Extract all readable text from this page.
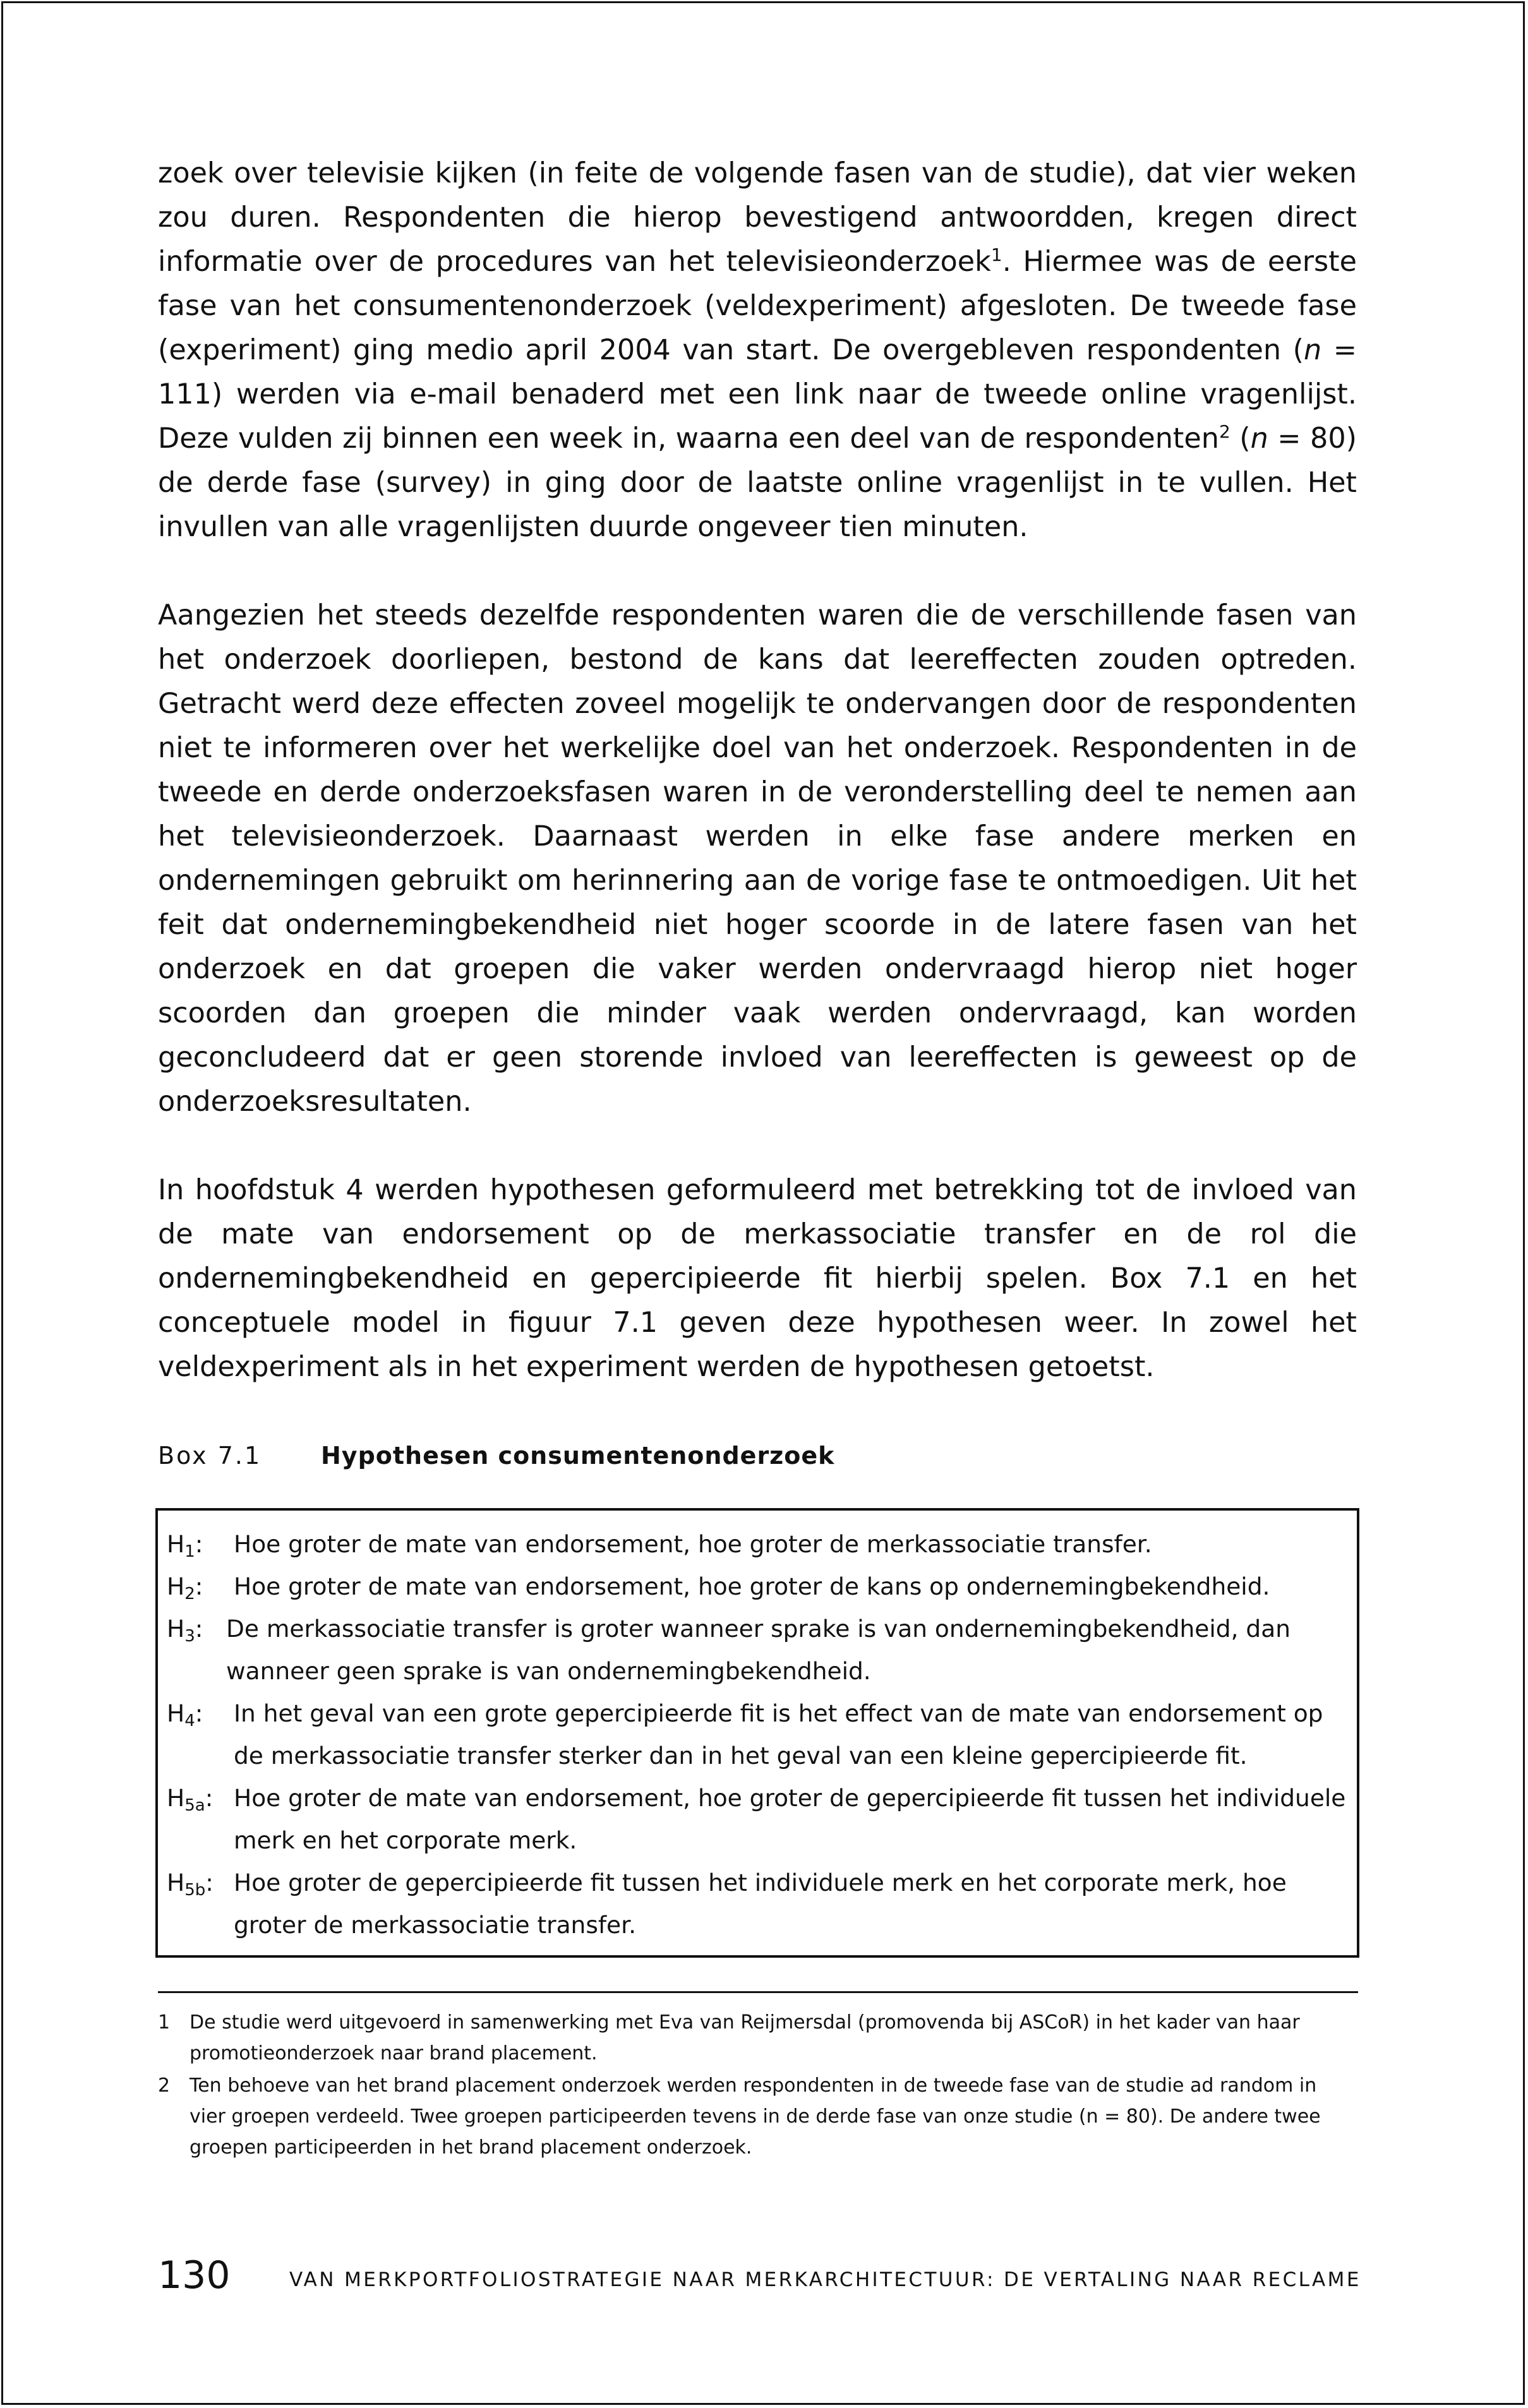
zoek over televisie kijken (in feite de volgende fasen van de studie), dat vier weken zou duren. Respondenten die hierop bevestigend antwoordden, kregen direct informatie over de procedures van het televisieonderzoek$^1$. Hiermee was de eerste fase van het consumentenonderzoek (veldexperiment) afgesloten. De tweede fase (experiment) ging medio april 2004 van start. De overgebleven respondenten (n = 111) werden via e-mail benaderd met een link naar de tweede online vragenlijst. Deze vulden zij binnen een week in, waarna een deel van de respondenten$^2$ (n = 80) de derde fase (survey) in ging door de laatste online vragenlijst in te vullen. Het invullen van alle vragenlijsten duurde ongeveer tien minuten.

Aangezien het steeds dezelfde respondenten waren die de verschillende fasen van het onderzoek doorliepen, bestond de kans dat leereffecten zouden optreden. Getracht werd deze effecten zoveel mogelijk te ondervangen door de respondenten niet te informeren over het werkelijke doel van het onderzoek. Respondenten in de tweede en derde onderzoeksfasen waren in de veronderstelling deel te nemen aan het televisieonderzoek. Daarnaast werden in elke fase andere merken en ondernemingen gebruikt om herinnering aan de vorige fase te ontmoedigen. Uit het feit dat ondernemingbekendheid niet hoger scoorde in de latere fasen van het onderzoek en dat groepen die vaker werden ondervraagd hierop niet hoger scoorden dan groepen die minder vaak werden ondervraagd, kan worden geconcludeerd dat er geen storende invloed van leereffecten is geweest op de onderzoeksresultaten.

In hoofdstuk 4 werden hypothesen geformuleerd met betrekking tot de invloed van de mate van endorsement op de merkassociatie transfer en de rol die ondernemingbekendheid en gepercipieerde fit hierbij spelen. Box 7.1 en het conceptuele model in figuur 7.1 geven deze hypothesen weer. In zowel het veldexperiment als in het experiment werden de hypothesen getoetst.

Box 7.1 Hypothesen consumentenonderzoek

$H_1$: Hoe groter de mate van endorsement, hoe groter de merkassociatie transfer.

$H_2$: Hoe groter de mate van endorsement, hoe groter de kans op ondernemingbekendheid.

$H_3$: De merkassociatie transfer is groter wanneer sprake is van ondernemingbekendheid, dan wanneer geen sprake is van ondernemingbekendheid.

$H_4$: In het geval van een grote gepercipieerde fit is het effect van de mate van endorsement op de merkassociatie transfer sterker dan in het geval van een kleine gepercipieerde fit.

$H_{5a}$: Hoe groter de mate van endorsement, hoe groter de gepercipieerde fit tussen het individuele merk en het corporate merk.

$H_{5b}$: Hoe groter de gepercipieerde fit tussen het individuele merk en het corporate merk, hoe groter de merkassociatie transfer.

1 De studie werd uitgevoerd in samenwerking met Eva van Reijmersdal (promovenda bij ASCoR) in het kader van haar promotieonderzoek naar brand placement.

2 Ten behoeve van het brand placement onderzoek werden respondenten in de tweede fase van de studie ad random in vier groepen verdeeld. Twee groepen participeerden tevens in de derde fase van onze studie (n = 80). De andere twee groepen participeerden in het brand placement onderzoek.

130	VAN MERKPORTFOLIOSTRATEGIE NAAR MERKARCHITECTUUR: DE VERTALING NAAR RECLAME
